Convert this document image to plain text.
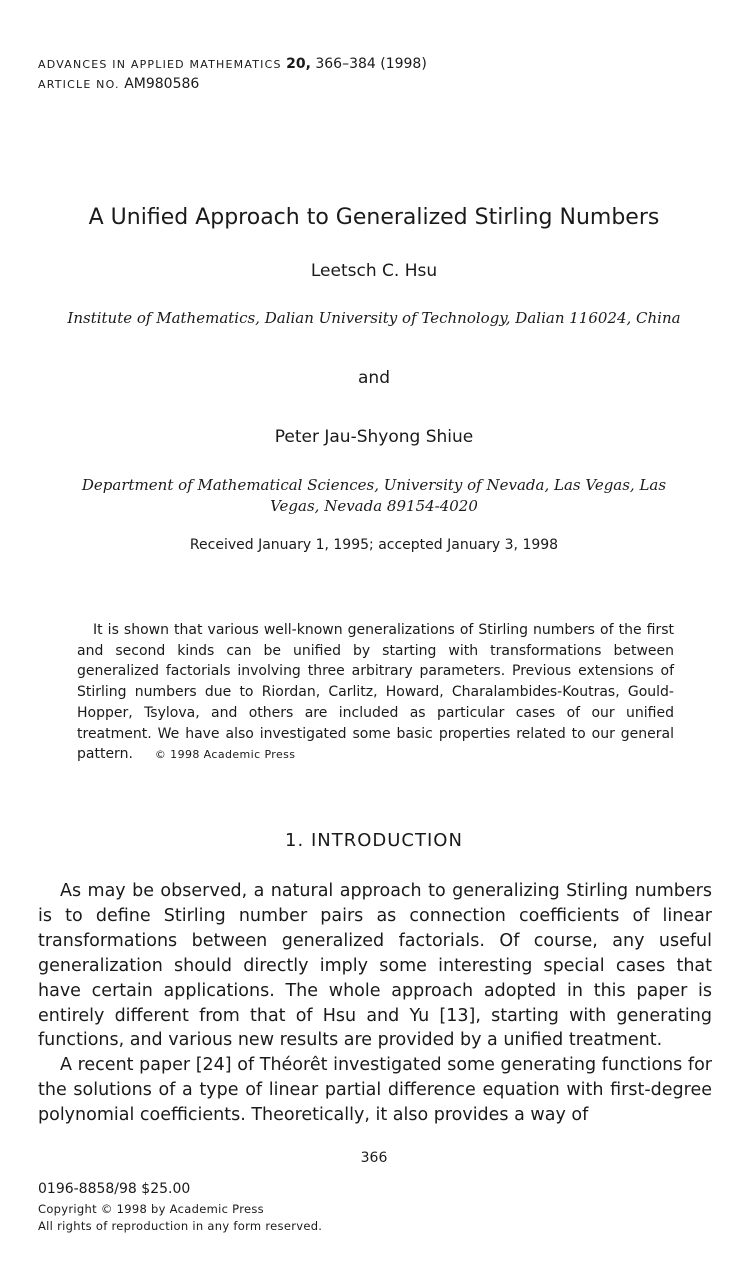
ADVANCES IN APPLIED MATHEMATICS 20, 366–384 (1998)
ARTICLE NO. AM980586
A Unified Approach to Generalized Stirling Numbers
Leetsch C. Hsu
Institute of Mathematics, Dalian University of Technology, Dalian 116024, China
and
Peter Jau-Shyong Shiue
Department of Mathematical Sciences, University of Nevada, Las Vegas, Las Vegas, Nevada 89154-4020
Received January 1, 1995; accepted January 3, 1998
It is shown that various well-known generalizations of Stirling numbers of the first and second kinds can be unified by starting with transformations between generalized factorials involving three arbitrary parameters. Previous extensions of Stirling numbers due to Riordan, Carlitz, Howard, Charalambides-Koutras, Gould-Hopper, Tsylova, and others are included as particular cases of our unified treatment. We have also investigated some basic properties related to our general pattern. © 1998 Academic Press
1. INTRODUCTION

As may be observed, a natural approach to generalizing Stirling numbers is to define Stirling number pairs as connection coefficients of linear transformations between generalized factorials. Of course, any useful generalization should directly imply some interesting special cases that have certain applications. The whole approach adopted in this paper is entirely different from that of Hsu and Yu [13], starting with generating functions, and various new results are provided by a unified treatment.

A recent paper [24] of Théorêt investigated some generating functions for the solutions of a type of linear partial difference equation with first-degree polynomial coefficients. Theoretically, it also provides a way of

366
0196-8858/98 $25.00
Copyright © 1998 by Academic Press
All rights of reproduction in any form reserved.
